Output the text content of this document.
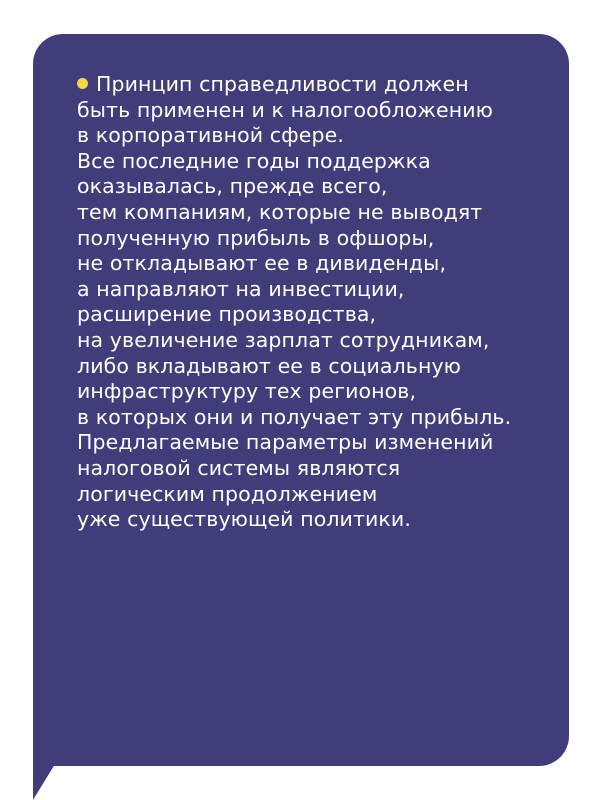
Принцип справедливости должен
быть применен и к налогообложению
в корпоративной сфере.
Все последние годы поддержка
оказывалась, прежде всего,
тем компаниям, которые не выводят
полученную прибыль в офшоры,
не откладывают ее в дивиденды,
а направляют на инвестиции,
расширение производства,
на увеличение зарплат сотрудникам,
либо вкладывают ее в социальную
инфраструктуру тех регионов,
в которых они и получает эту прибыль.
Предлагаемые параметры изменений
налоговой системы являются
логическим продолжением
уже существующей политики.
